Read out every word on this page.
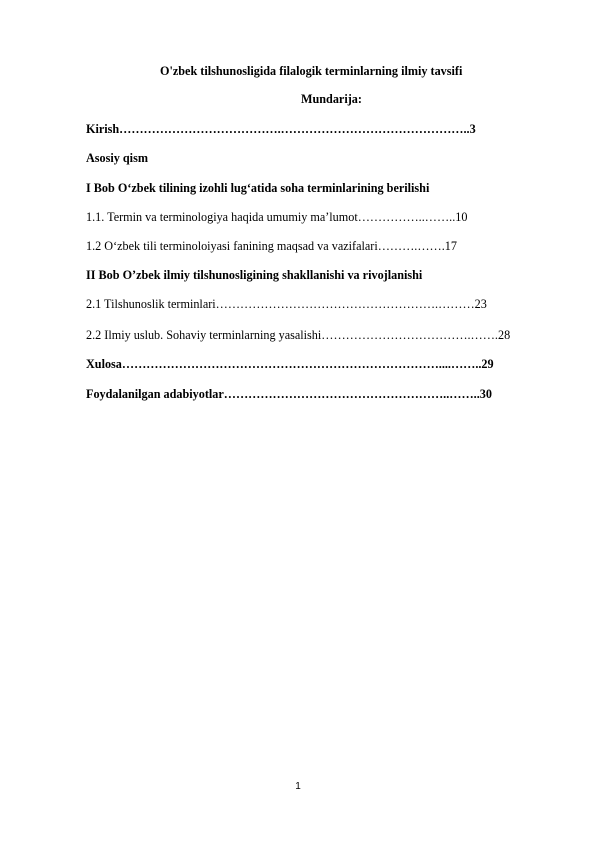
O'zbek tilshunosligida filalogik terminlarning ilmiy tavsifi
Mundarija:
Kirish………………………………….………………………………………..3
Asosiy qism
I Bob O‘zbek tilining izohli lug‘atida soha terminlarining berilishi
1.1. Termin va terminologiya haqida umumiy ma’lumot……………..……..10
1.2 O‘zbek tili terminoloiyasi fanining maqsad va vazifalari……….…….17
II Bob O’zbek ilmiy tilshunosligining shakllanishi va rivojlanishi
2.1 Tilshunoslik terminlari……………………………………………….………23
2.2 Ilmiy uslub. Sohaviy terminlarning yasalishi……………………………….…….28
Xulosa……………………………………………………………………....……..29
Foydalanilgan adabiyotlar………………………………………………..……..30
1
